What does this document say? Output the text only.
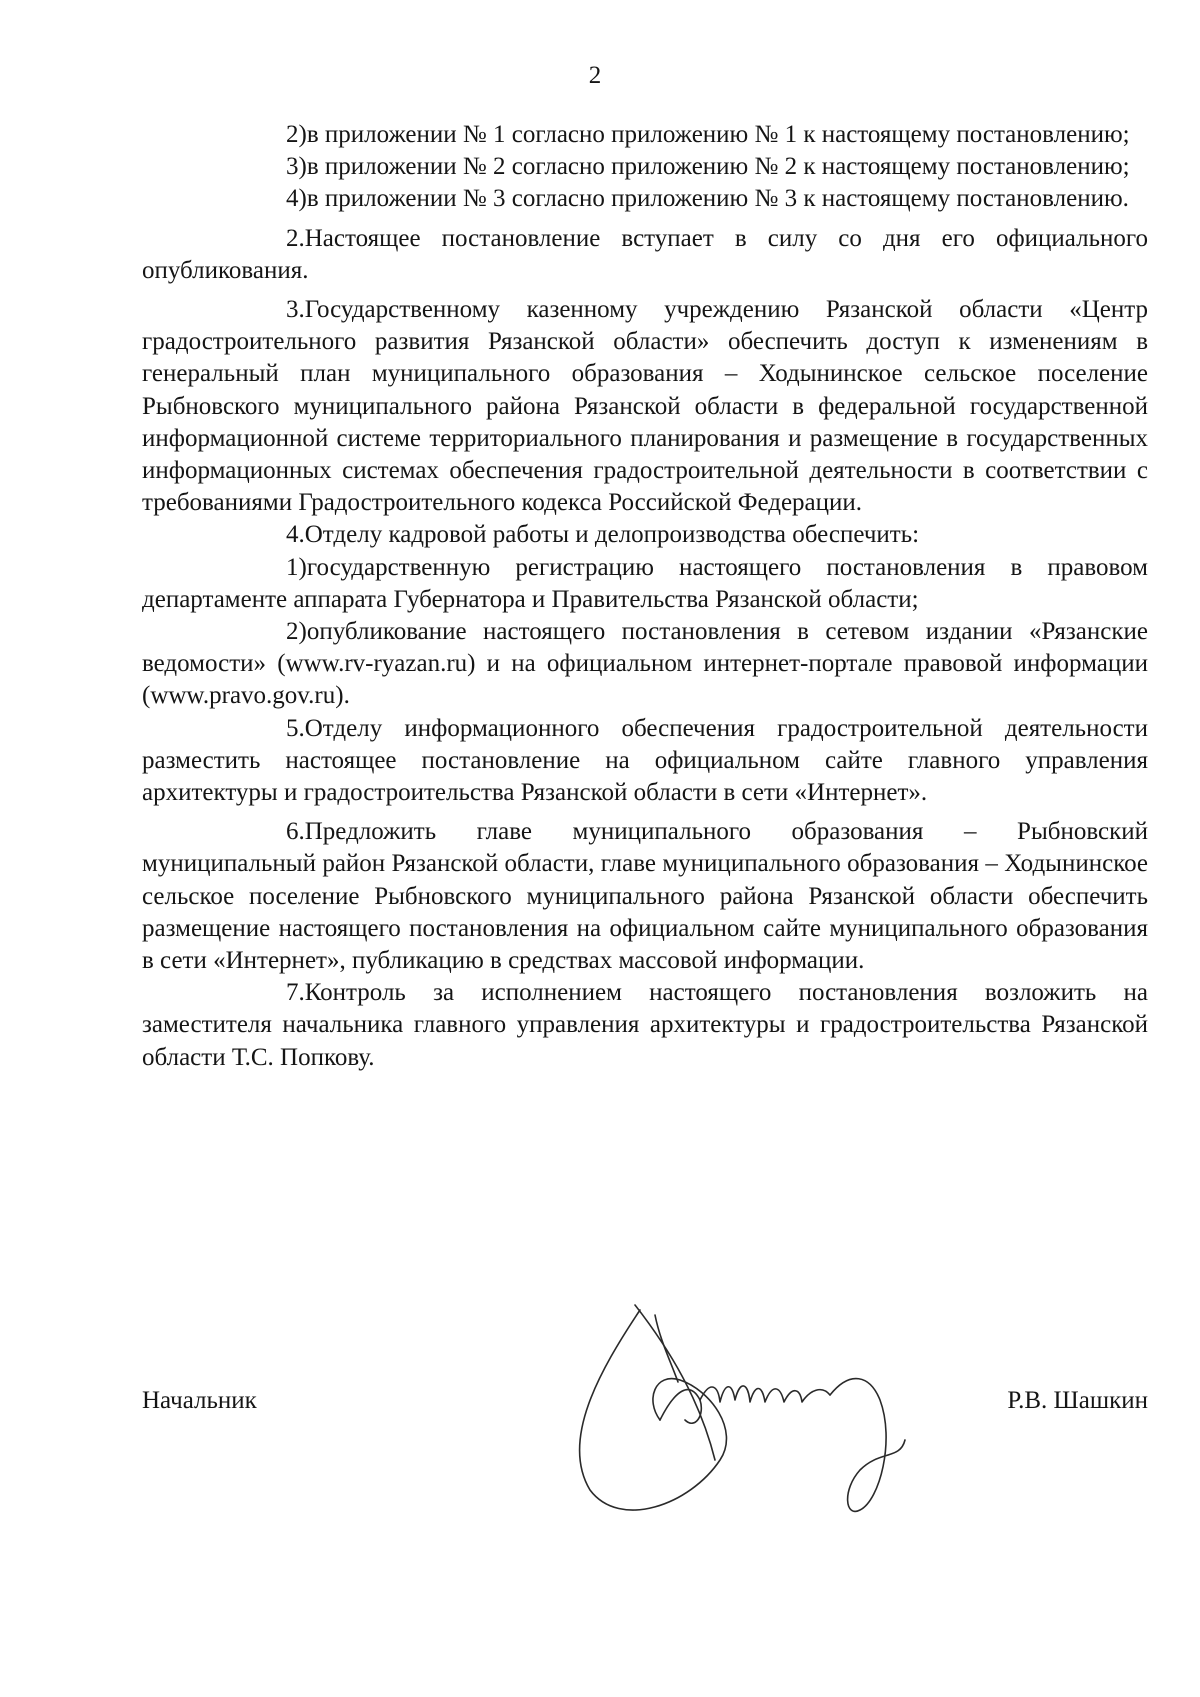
2

2)в приложении № 1 согласно приложению № 1 к настоящему постановлению;

3)в приложении № 2 согласно приложению № 2 к настоящему постановлению;

4)в приложении № 3 согласно приложению № 3 к настоящему постановлению.

2.Настоящее постановление вступает в силу со дня его официального опубликования.

3.Государственному казенному учреждению Рязанской области «Центр градостроительного развития Рязанской области» обеспечить доступ к изменениям в генеральный план муниципального образования – Ходынинское сельское поселение Рыбновского муниципального района Рязанской области в федеральной государственной информационной системе территориального планирования и размещение в государственных информационных системах обеспечения градостроительной деятельности в соответствии с требованиями Градостроительного кодекса Российской Федерации.

4.Отделу кадровой работы и делопроизводства обеспечить:

1)государственную регистрацию настоящего постановления в правовом департаменте аппарата Губернатора и Правительства Рязанской области;

2)опубликование настоящего постановления в сетевом издании «Рязанские ведомости» (www.rv-ryazan.ru) и на официальном интернет-портале правовой информации (www.pravo.gov.ru).

5.Отделу информационного обеспечения градостроительной деятельности разместить настоящее постановление на официальном сайте главного управления архитектуры и градостроительства Рязанской области в сети «Интернет».

6.Предложить главе муниципального образования – Рыбновский муниципальный район Рязанской области, главе муниципального образования – Ходынинское сельское поселение Рыбновского муниципального района Рязанской области обеспечить размещение настоящего постановления на официальном сайте муниципального образования в сети «Интернет», публикацию в средствах массовой информации.

7.Контроль за исполнением настоящего постановления возложить на заместителя начальника главного управления архитектуры и градостроительства Рязанской области Т.С. Попкову.

Начальник	Р.В. Шашкин
